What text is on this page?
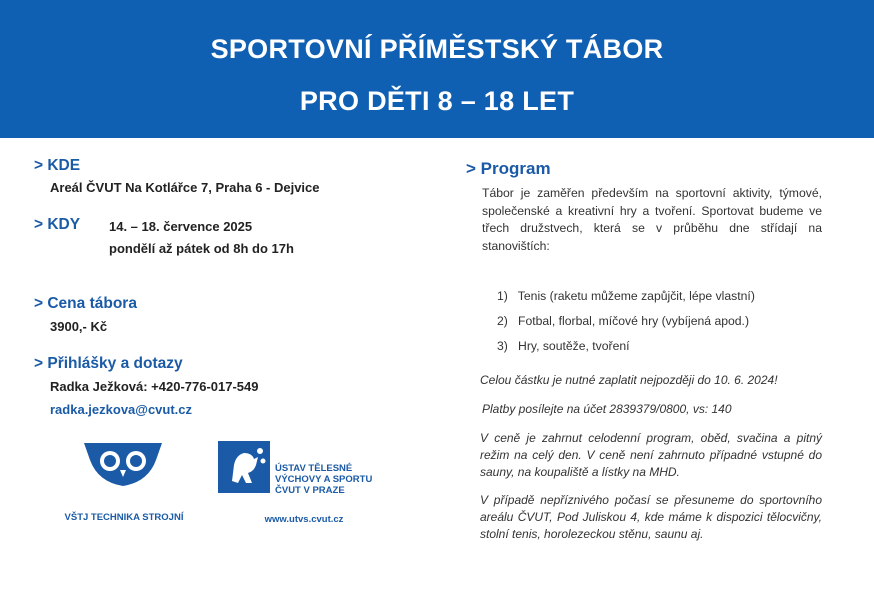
SPORTOVNÍ PŘÍMĚSTSKÝ TÁBOR
PRO DĚTI 8 – 18 LET
> KDE
Areál ČVUT Na Kotlářce 7, Praha 6 - Dejvice
> KDY 14. – 18. července 2025
pondělí až pátek od 8h do 17h
> Cena tábora
3900,- Kč
> Přihlášky a dotazy
Radka Ježková: +420-776-017-549
radka.jezkova@cvut.cz
VŠTJ TECHNIKA STROJNÍ
ÚSTAV TĚLESNÉ
VÝCHOVY A SPORTU
ČVUT V PRAZE
www.utvs.cvut.cz
> Program
Tábor je zaměřen především na sportovní aktivity, týmové, společenské a kreativní hry a tvoření. Sportovat budeme ve třech družstvech, která se v průběhu dne střídají na stanovištích:
1) Tenis (raketu můžeme zapůjčit, lépe vlastní)
2) Fotbal, florbal, míčové hry (vybíjená apod.)
3) Hry, soutěže, tvoření
Celou částku je nutné zaplatit nejpozději do 10. 6. 2024!
Platby posílejte na účet 2839379/0800, vs: 140
V ceně je zahrnut celodenní program, oběd, svačina a pitný režim na celý den. V ceně není zahrnuto případné vstupné do sauny, na koupaliště a lístky na MHD.
V případě nepříznivého počasí se přesuneme do sportovního areálu ČVUT, Pod Juliskou 4, kde máme k dispozici tělocvičny, stolní tenis, horolezeckou stěnu, saunu aj.
